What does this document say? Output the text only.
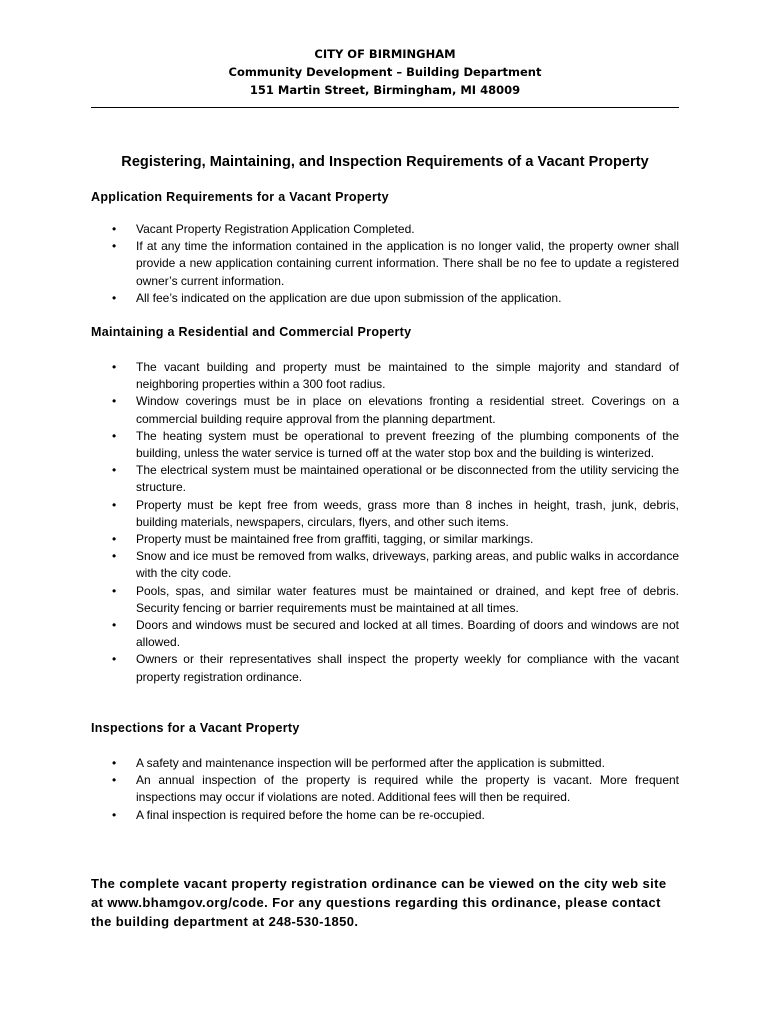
CITY OF BIRMINGHAM
Community Development – Building Department
151 Martin Street, Birmingham, MI 48009
Registering, Maintaining, and Inspection Requirements of a Vacant Property
Application Requirements for a Vacant Property
• Vacant Property Registration Application Completed.
• If at any time the information contained in the application is no longer valid, the property owner shall provide a new application containing current information. There shall be no fee to update a registered owner’s current information.
• All fee’s indicated on the application are due upon submission of the application.
Maintaining a Residential and Commercial Property
• The vacant building and property must be maintained to the simple majority and standard of neighboring properties within a 300 foot radius.
• Window coverings must be in place on elevations fronting a residential street. Coverings on a commercial building require approval from the planning department.
• The heating system must be operational to prevent freezing of the plumbing components of the building, unless the water service is turned off at the water stop box and the building is winterized.
• The electrical system must be maintained operational or be disconnected from the utility servicing the structure.
• Property must be kept free from weeds, grass more than 8 inches in height, trash, junk, debris, building materials, newspapers, circulars, flyers, and other such items.
• Property must be maintained free from graffiti, tagging, or similar markings.
• Snow and ice must be removed from walks, driveways, parking areas, and public walks in accordance with the city code.
• Pools, spas, and similar water features must be maintained or drained, and kept free of debris. Security fencing or barrier requirements must be maintained at all times.
• Doors and windows must be secured and locked at all times. Boarding of doors and windows are not allowed.
• Owners or their representatives shall inspect the property weekly for compliance with the vacant property registration ordinance.
Inspections for a Vacant Property
• A safety and maintenance inspection will be performed after the application is submitted.
• An annual inspection of the property is required while the property is vacant. More frequent inspections may occur if violations are noted. Additional fees will then be required.
• A final inspection is required before the home can be re-occupied.
The complete vacant property registration ordinance can be viewed on the city web site at www.bhamgov.org/code. For any questions regarding this ordinance, please contact the building department at 248-530-1850.
